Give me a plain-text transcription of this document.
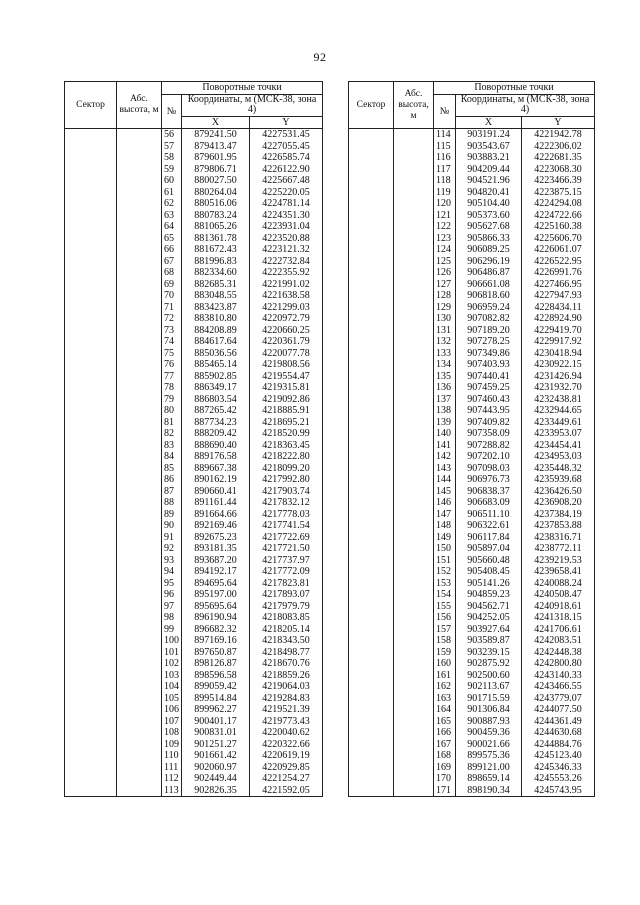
92
Сектор	Абс. высота, м	Поворотные точки		
		№	Координаты, м (МСК-38, зона 4)	
			X	Y
		56	879241.50	4227531.45
		57	879413.47	4227055.45
		58	879601.95	4226585.74
		59	879806.71	4226122.90
		60	880027.50	4225667.48
		61	880264.04	4225220.05
		62	880516.06	4224781.14
		63	880783.24	4224351.30
		64	881065.26	4223931.04
		65	881361.78	4223520.88
		66	881672.43	4223121.32
		67	881996.83	4222732.84
		68	882334.60	4222355.92
		69	882685.31	4221991.02
		70	883048.55	4221638.58
		71	883423.87	4221299.03
		72	883810.80	4220972.79
		73	884208.89	4220660.25
		74	884617.64	4220361.79
		75	885036.56	4220077.78
		76	885465.14	4219808.56
		77	885902.85	4219554.47
		78	886349.17	4219315.81
		79	886803.54	4219092.86
		80	887265.42	4218885.91
		81	887734.23	4218695.21
		82	888209.42	4218520.99
		83	888690.40	4218363.45
		84	889176.58	4218222.80
		85	889667.38	4218099.20
		86	890162.19	4217992.80
		87	890660.41	4217903.74
		88	891161.44	4217832.12
		89	891664.66	4217778.03
		90	892169.46	4217741.54
		91	892675.23	4217722.69
		92	893181.35	4217721.50
		93	893687.20	4217737.97
		94	894192.17	4217772.09
		95	894695.64	4217823.81
		96	895197.00	4217893.07
		97	895695.64	4217979.79
		98	896190.94	4218083.85
		99	896682.32	4218205.14
		100	897169.16	4218343.50
		101	897650.87	4218498.77
		102	898126.87	4218670.76
		103	898596.58	4218859.26
		104	899059.42	4219064.03
		105	899514.84	4219284.83
		106	899962.27	4219521.39
		107	900401.17	4219773.43
		108	900831.01	4220040.62
		109	901251.27	4220322.66
		110	901661.42	4220619.19
		111	902060.97	4220929.85
		112	902449.44	4221254.27
		113	902826.35	4221592.05
Сектор	Абс. высота, м	Поворотные точки		
		№	Координаты, м (МСК-38, зона 4)	
			X	Y
		114	903191.24	4221942.78
		115	903543.67	4222306.02
		116	903883.21	4222681.35
		117	904209.44	4223068.30
		118	904521.96	4223466.39
		119	904820.41	4223875.15
		120	905104.40	4224294.08
		121	905373.60	4224722.66
		122	905627.68	4225160.38
		123	905866.33	4225606.70
		124	906089.25	4226061.07
		125	906296.19	4226522.95
		126	906486.87	4226991.76
		127	906661.08	4227466.95
		128	906818.60	4227947.93
		129	906959.24	4228434.11
		130	907082.82	4228924.90
		131	907189.20	4229419.70
		132	907278.25	4229917.92
		133	907349.86	4230418.94
		134	907403.93	4230922.15
		135	907440.41	4231426.94
		136	907459.25	4231932.70
		137	907460.43	4232438.81
		138	907443.95	4232944.65
		139	907409.82	4233449.61
		140	907358.09	4233953.07
		141	907288.82	4234454.41
		142	907202.10	4234953.03
		143	907098.03	4235448.32
		144	906976.73	4235939.68
		145	906838.37	4236426.50
		146	906683.09	4236908.20
		147	906511.10	4237384.19
		148	906322.61	4237853.88
		149	906117.84	4238316.71
		150	905897.04	4238772.11
		151	905660.48	4239219.53
		152	905408.45	4239658.41
		153	905141.26	4240088.24
		154	904859.23	4240508.47
		155	904562.71	4240918.61
		156	904252.05	4241318.15
		157	903927.64	4241706.61
		158	903589.87	4242083.51
		159	903239.15	4242448.38
		160	902875.92	4242800.80
		161	902500.60	4243140.33
		162	902113.67	4243466.55
		163	901715.59	4243779.07
		164	901306.84	4244077.50
		165	900887.93	4244361.49
		166	900459.36	4244630.68
		167	900021.66	4244884.76
		168	899575.36	4245123.40
		169	899121.00	4245346.33
		170	898659.14	4245553.26
		171	898190.34	4245743.95
